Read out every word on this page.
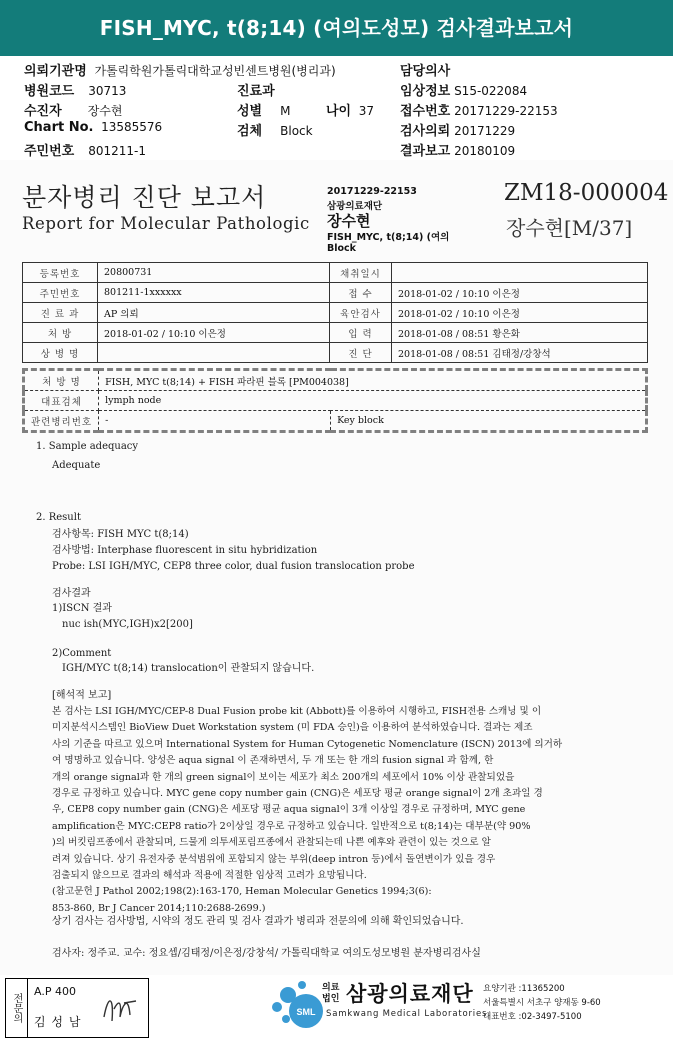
FISH_MYC, t(8;14) (여의도성모) 검사결과보고서
의뢰기관명 가톨릭학원가톨릭대학교성빈센트병원(병리과)	담당의사
병원코드 30713	진료과	임상정보 S15-022084
수진자 장수현	성별 M	나이 37 접수번호 20171229-22153
Chart No. 13585576	검체 Block	검사의뢰 20171229
주민번호 801211-1	결과보고 20180109
분자병리 진단 보고서
Report for Molecular Pathologic
20171229-22153
삼광의료재단
장수현
FISH_MYC, t(8;14) (여의
Block
ZM18-000004
장수현[M/37]
등록번호	20800731	채취일시	
주민번호	801211-1xxxxxx	접 수	2018-01-02 / 10:10 이은정
진 료 과	AP 의뢰	육안검사	2018-01-02 / 10:10 이은정
처 방	2018-01-02 / 10:10 이은정	입 력	2018-01-08 / 08:51 황은화
상 병 명		진 단	2018-01-08 / 08:51 김태정/강창석
처 방 명	FISH, MYC t(8;14) + FISH 파라핀 블록 [PM004038]	
대표검체	lymph node	
관련병리번호	-	Key block
1. Sample adequacy
Adequate
2. Result
검사항목: FISH MYC t(8;14)
검사방법: Interphase fluorescent in situ hybridization
Probe: LSI IGH/MYC, CEP8 three color, dual fusion translocation probe
검사결과
1)ISCN 결과
nuc ish(MYC,IGH)x2[200]
2)Comment
IGH/MYC t(8;14) translocation이 관찰되지 않습니다.
[해석적 보고]
본 검사는 LSI IGH/MYC/CEP-8 Dual Fusion probe kit (Abbott)를 이용하여 시행하고, FISH전용 스캐닝 및 이
미지분석시스템인 BioView Duet Workstation system (미 FDA 승인)을 이용하여 분석하였습니다. 결과는 제조
사의 기준을 따르고 있으며 International System for Human Cytogenetic Nomenclature (ISCN) 2013에 의거하
여 명명하고 있습니다. 양성은 aqua signal 이 존재하면서, 두 개 또는 한 개의 fusion signal 과 함께, 한
개의 orange signal과 한 개의 green signal이 보이는 세포가 최소 200개의 세포에서 10% 이상 관찰되었을
경우로 규정하고 있습니다. MYC gene copy number gain (CNG)은 세포당 평균 orange signal이 2개 초과일 경
우, CEP8 copy number gain (CNG)은 세포당 평균 aqua signal이 3개 이상일 경우로 규정하며, MYC gene
amplification은 MYC:CEP8 ratio가 2이상일 경우로 규정하고 있습니다. 일반적으로 t(8;14)는 대부분(약 90%
)의 버킷림프종에서 관찰되며, 드물게 의투세포림프종에서 관찰되는데 나쁜 예후와 관련이 있는 것으로 알
려져 있습니다. 상기 유전자중 분석범위에 포함되지 않는 부위(deep intron 등)에서 돌연변이가 있을 경우
검출되지 않으므로 결과의 해석과 적용에 적절한 임상적 고려가 요망됩니다.
(참고문헌 J Pathol 2002;198(2):163-170, Heman Molecular Genetics 1994;3(6):
853-860, Br J Cancer 2014;110:2688-2699.)
상기 검사는 검사방법, 시약의 정도 관리 및 검사 결과가 병리과 전문의에 의해 확인되었습니다.
검사자: 정주교. 교수: 정요셉/김태정/이은정/강창석/ 가톨릭대학교 여의도성모병원 분자병리검사실
전문의
A.P 400
김 성 남
SML
의료
법인 삼광의료재단
Samkwang Medical Laboratories
요양기관 :11365200
서울특별시 서초구 양재동 9-60
대표번호 :02-3497-5100
